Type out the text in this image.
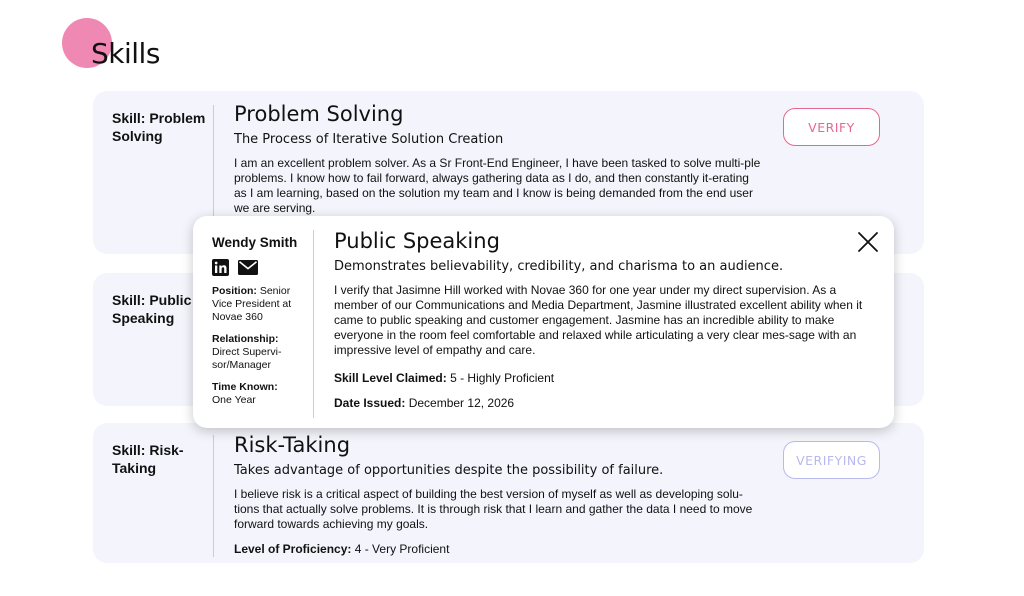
Skills
Skill: Problem Solving
Problem Solving
The Process of Iterative Solution Creation
I am an excellent problem solver. As a Sr Front-End Engineer, I have been tasked to solve multi-ple problems. I know how to fail forward, always gathering data as I do, and then constantly it-erating as I am learning, based on the solution my team and I know is being demanded from the end user we are serving.
VERIFY
Skill: Public Speaking
Skill: Risk-Taking
Risk-Taking
Takes advantage of opportunities despite the possibility of failure.
I believe risk is a critical aspect of building the best version of myself as well as developing solu-tions that actually solve problems. It is through risk that I learn and gather the data I need to move forward towards achieving my goals.
Level of Proficiency: 4 - Very Proficient
VERIFYING
Wendy Smith
Position: Senior Vice President at Novae 360
Relationship:
Direct Supervi-sor/Manager
Time Known:
One Year
Public Speaking
Demonstrates believability, credibility, and charisma to an audience.
I verify that Jasimne Hill worked with Novae 360 for one year under my direct supervision. As a member of our Communications and Media Department, Jasmine illustrated excellent ability when it came to public speaking and customer engagement. Jasmine has an incredible ability to make everyone in the room feel comfortable and relaxed while articulating a very clear mes-sage with an impressive level of empathy and care.
Skill Level Claimed: 5 - Highly Proficient
Date Issued: December 12, 2026
